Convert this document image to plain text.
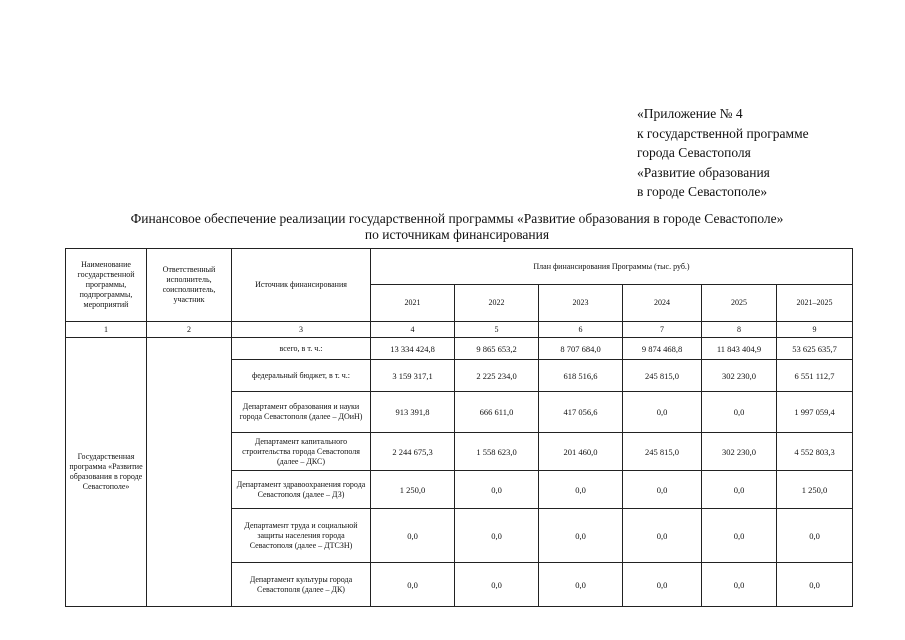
«Приложение № 4
к государственной программе
города Севастополя
«Развитие образования
в городе Севастополе»
Финансовое обеспечение реализации государственной программы «Развитие образования в городе Севастополе»
по источникам финансирования
Наименование государственной программы, подпрограммы, мероприятий	Ответственный исполнитель, соисполнитель, участник	Источник финансирования	План финансирования Программы (тыс. руб.)					
			2021	2022	2023	2024	2025	2021–2025
1	2	3	4	5	6	7	8	9

Государственная программа «Развитие образования в городе Севастополе»		всего, в т. ч.:	13 334 424,8	9 865 653,2	8 707 684,0	9 874 468,8	11 843 404,9	53 625 635,7
		федеральный бюджет, в т. ч.:	3 159 317,1	2 225 234,0	618 516,6	245 815,0	302 230,0	6 551 112,7
		Департамент образования и науки города Севастополя (далее – ДОиН)	913 391,8	666 611,0	417 056,6	0,0	0,0	1 997 059,4
		Департамент капитального строительства города Севастополя (далее – ДКС)	2 244 675,3	1 558 623,0	201 460,0	245 815,0	302 230,0	4 552 803,3
		Департамент здравоохранения города Севастополя (далее – ДЗ)	1 250,0	0,0	0,0	0,0	0,0	1 250,0
		Департамент труда и социальной защиты населения города Севастополя (далее – ДТСЗН)	0,0	0,0	0,0	0,0	0,0	0,0
		Департамент культуры города Севастополя (далее – ДК)	0,0	0,0	0,0	0,0	0,0	0,0
